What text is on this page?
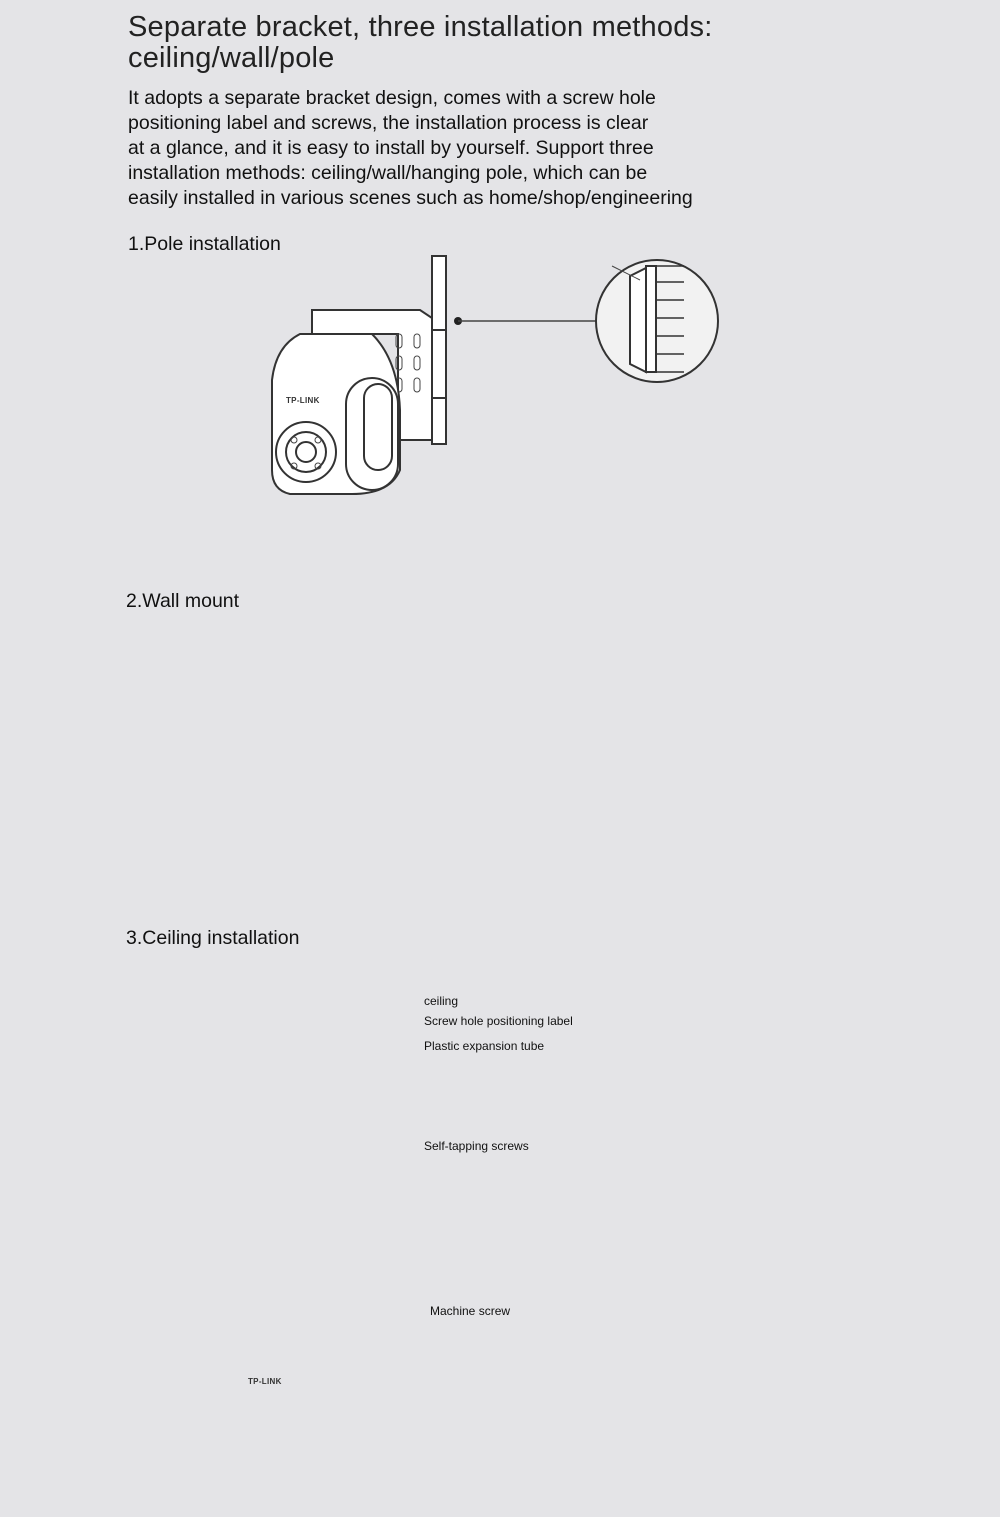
Separate bracket, three installation methods: ceiling/wall/pole
It adopts a separate bracket design, comes with a screw hole
positioning label and screws, the installation process is clear
at a glance, and it is easy to install by yourself. Support three
installation methods: ceiling/wall/hanging pole, which can be
easily installed in various scenes such as home/shop/engineering
1.Pole installation
2.Wall mount
3.Ceiling installation
TP-LINK
TP-LINK
ceiling
Screw hole positioning label
Plastic expansion tube
Self-tapping screws
Machine screw
